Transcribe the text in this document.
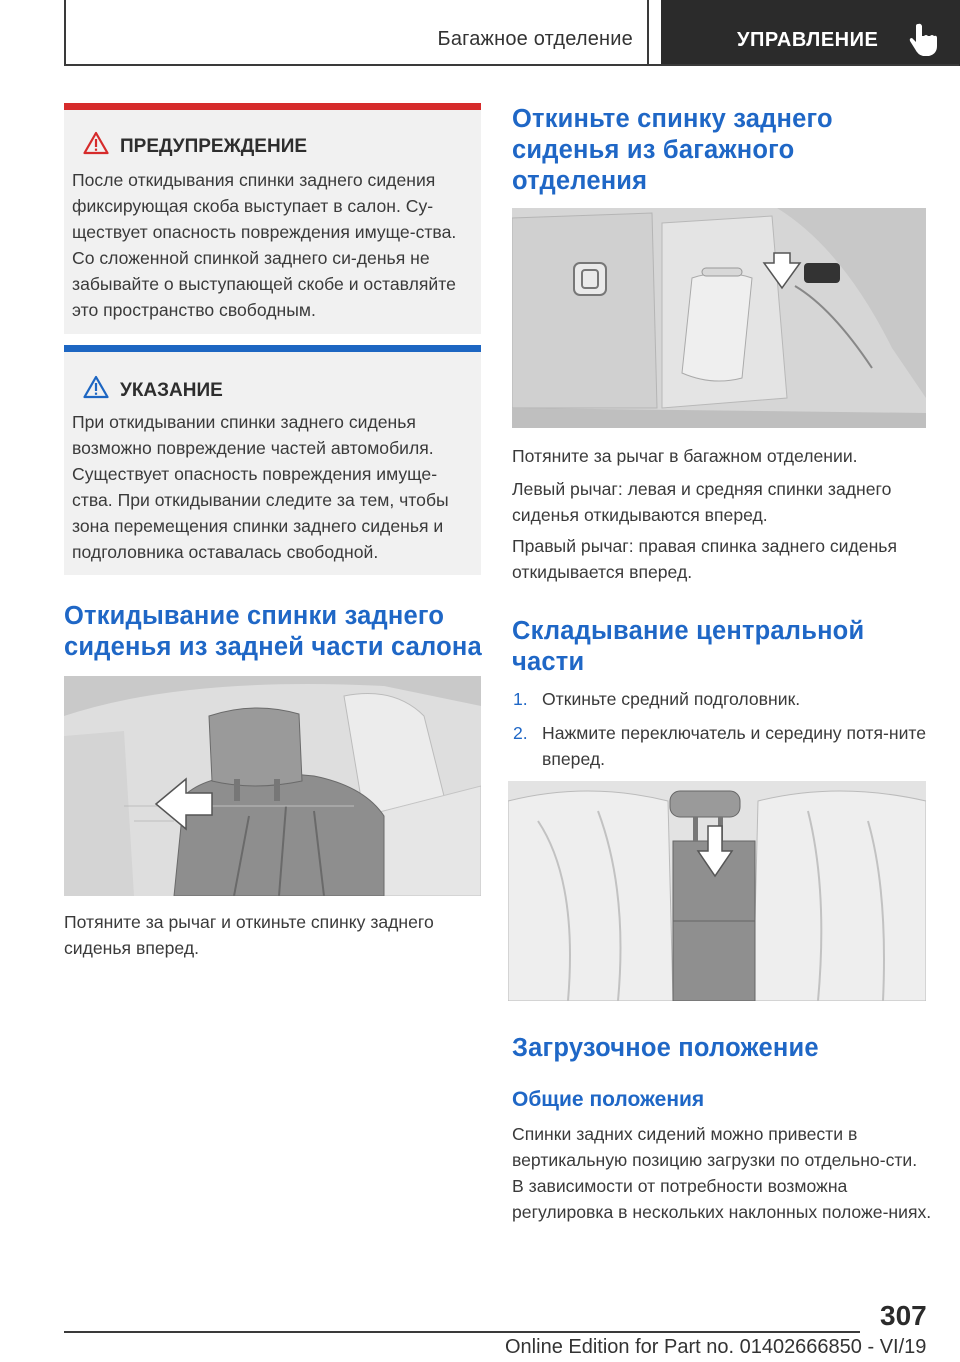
Багажное отделение	УПРАВЛЕНИЕ
ПРЕДУПРЕЖДЕНИЕ

После откидывания спинки заднего сидения фиксирующая скоба выступает в салон. Су-ществует опасность повреждения имуще-ства. Со сложенной спинкой заднего си-денья не забывайте о выступающей скобе и оставляйте это пространство свободным.

УКАЗАНИЕ

При откидывании спинки заднего сиденья возможно повреждение частей автомобиля. Существует опасность повреждения имуще-ства. При откидывании следите за тем, чтобы зона перемещения спинки заднего сиденья и подголовника оставалась свободной.

Откидывание спинки заднего сиденья из задней части салона
Потяните за рычаг и откиньте спинку заднего сиденья вперед.
Откиньте спинку заднего сиденья из багажного отделения
Потяните за рычаг в багажном отделении.
Левый рычаг: левая и средняя спинки заднего сиденья откидываются вперед.
Правый рычаг: правая спинка заднего сиденья откидывается вперед.
Складывание центральной части
1. Откиньте средний подголовник.
2. Нажмите переключатель и середину потя-ните вперед.
Загрузочное положение
Общие положения
Спинки задних сидений можно привести в вертикальную позицию загрузки по отдельно-сти. В зависимости от потребности возможна регулировка в нескольких наклонных положе-ниях.
307
Online Edition for Part no. 01402666850 - VI/19
